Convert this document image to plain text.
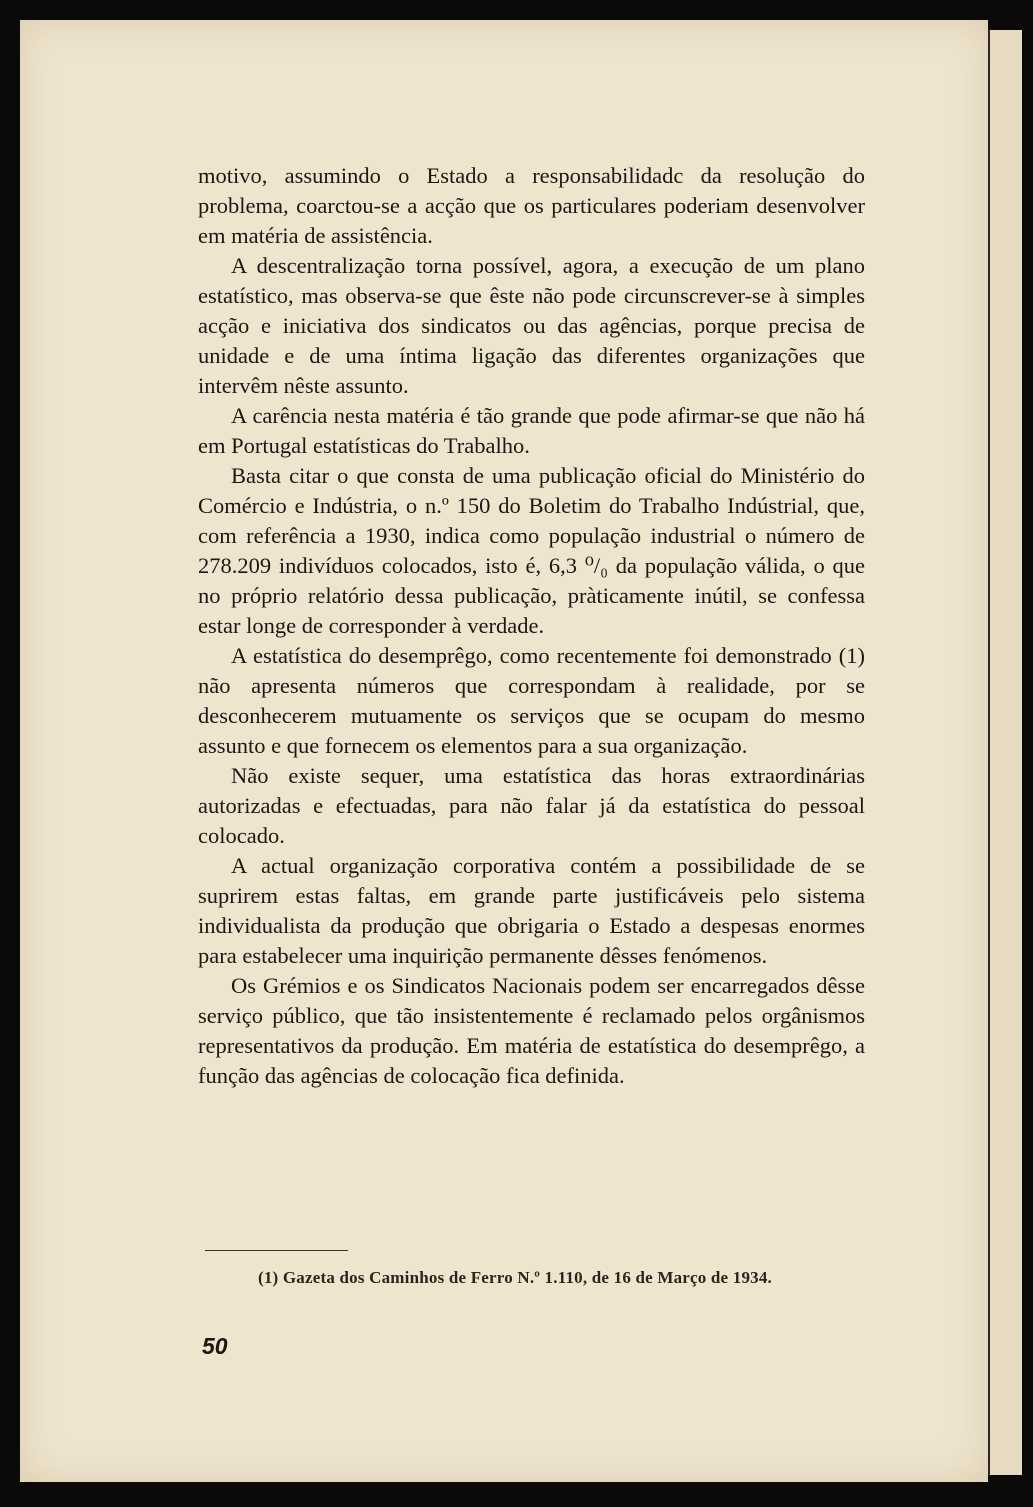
motivo, assumindo o Estado a responsabilidadc da resolução do problema, coarctou-se a acção que os particulares poderiam desenvolver em matéria de assistência.

A descentralização torna possível, agora, a execução de um plano estatístico, mas observa-se que êste não pode circunscrever-se à simples acção e iniciativa dos sindicatos ou das agências, porque precisa de unidade e de uma íntima ligação das diferentes organizações que intervêm nêste assunto.

A carência nesta matéria é tão grande que pode afirmar-se que não há em Portugal estatísticas do Trabalho.

Basta citar o que consta de uma publicação oficial do Ministério do Comércio e Indústria, o n.º 150 do Boletim do Trabalho Indústrial, que, com referência a 1930, indica como população industrial o número de 278.209 indivíduos colocados, isto é, 6,3 ⁰/₀ da população válida, o que no próprio relatório dessa publicação, pràticamente inútil, se confessa estar longe de corresponder à verdade.

A estatística do desemprêgo, como recentemente foi demonstrado (1) não apresenta números que correspondam à realidade, por se desconhecerem mutuamente os serviços que se ocupam do mesmo assunto e que fornecem os elementos para a sua organização.

Não existe sequer, uma estatística das horas extraordinárias autorizadas e efectuadas, para não falar já da estatística do pessoal colocado.

A actual organização corporativa contém a possibilidade de se suprirem estas faltas, em grande parte justificáveis pelo sistema individualista da produção que obrigaria o Estado a despesas enormes para estabelecer uma inquirição permanente dêsses fenómenos.

Os Grémios e os Sindicatos Nacionais podem ser encarregados dêsse serviço público, que tão insistentemente é reclamado pelos orgânismos representativos da produção. Em matéria de estatística do desemprêgo, a função das agências de colocação fica definida.

(1) Gazeta dos Caminhos de Ferro N.º 1.110, de 16 de Março de 1934.
50
